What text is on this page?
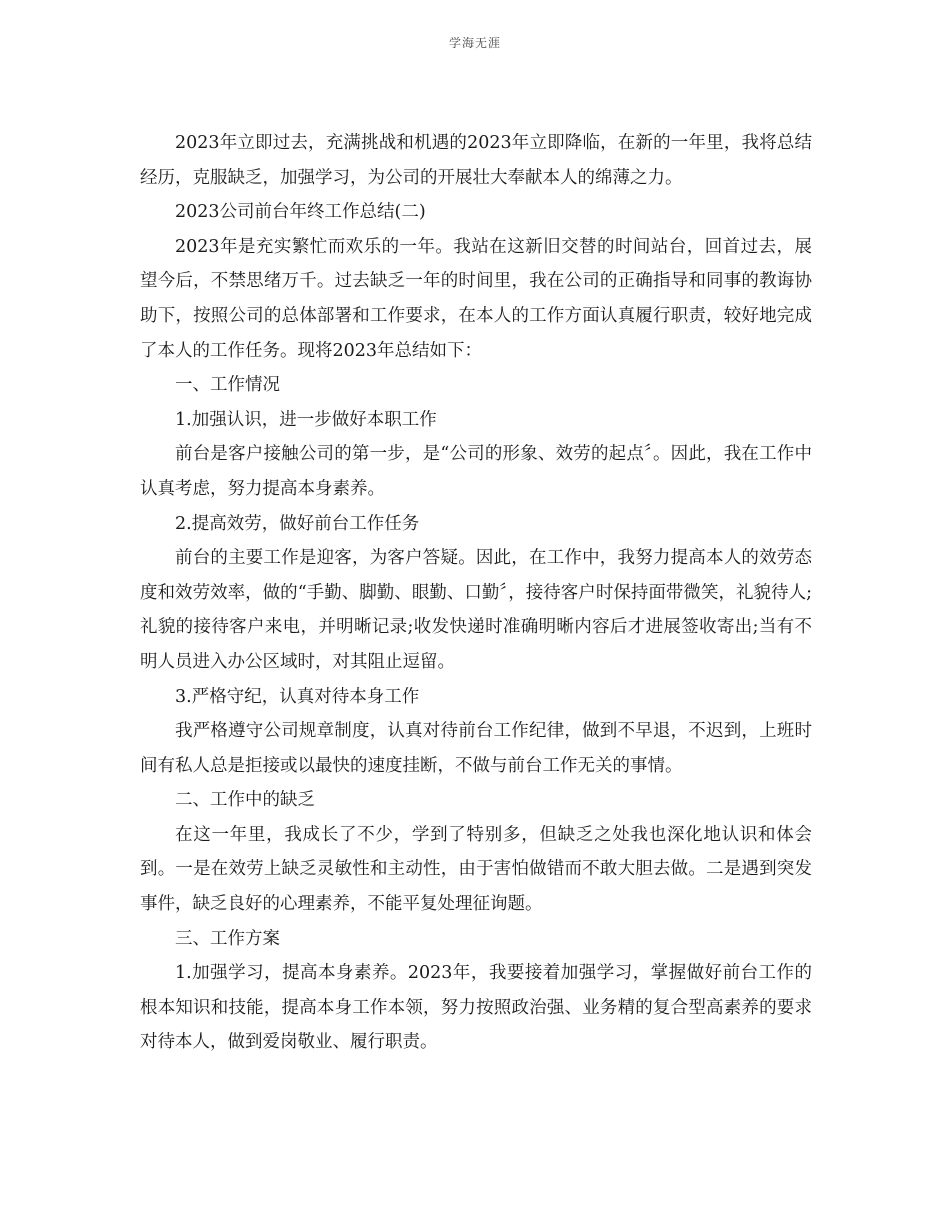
学海无涯

2023年立即过去，充满挑战和机遇的2023年立即降临，在新的一年里，我将总结经历，克服缺乏，加强学习，为公司的开展壮大奉献本人的绵薄之力。

2023公司前台年终工作总结(二)

2023年是充实繁忙而欢乐的一年。我站在这新旧交替的时间站台，回首过去，展望今后，不禁思绪万千。过去缺乏一年的时间里，我在公司的正确指导和同事的教诲协助下，按照公司的总体部署和工作要求，在本人的工作方面认真履行职责，较好地完成了本人的工作任务。现将2023年总结如下：

一、工作情况

1.加强认识，进一步做好本职工作

前台是客户接触公司的第一步，是“公司的形象、效劳的起点〞。因此，我在工作中认真考虑，努力提高本身素养。

2.提高效劳，做好前台工作任务

前台的主要工作是迎客，为客户答疑。因此，在工作中，我努力提高本人的效劳态度和效劳效率，做的“手勤、脚勤、眼勤、口勤〞，接待客户时保持面带微笑，礼貌待人;礼貌的接待客户来电，并明晰记录;收发快递时准确明晰内容后才进展签收寄出;当有不明人员进入办公区域时，对其阻止逗留。

3.严格守纪，认真对待本身工作

我严格遵守公司规章制度，认真对待前台工作纪律，做到不早退，不迟到，上班时间有私人总是拒接或以最快的速度挂断，不做与前台工作无关的事情。

二、工作中的缺乏

在这一年里，我成长了不少，学到了特别多，但缺乏之处我也深化地认识和体会到。一是在效劳上缺乏灵敏性和主动性，由于害怕做错而不敢大胆去做。二是遇到突发事件，缺乏良好的心理素养，不能平复处理征询题。

三、工作方案

1.加强学习，提高本身素养。2023年，我要接着加强学习，掌握做好前台工作的根本知识和技能，提高本身工作本领，努力按照政治强、业务精的复合型高素养的要求对待本人，做到爱岗敬业、履行职责。
